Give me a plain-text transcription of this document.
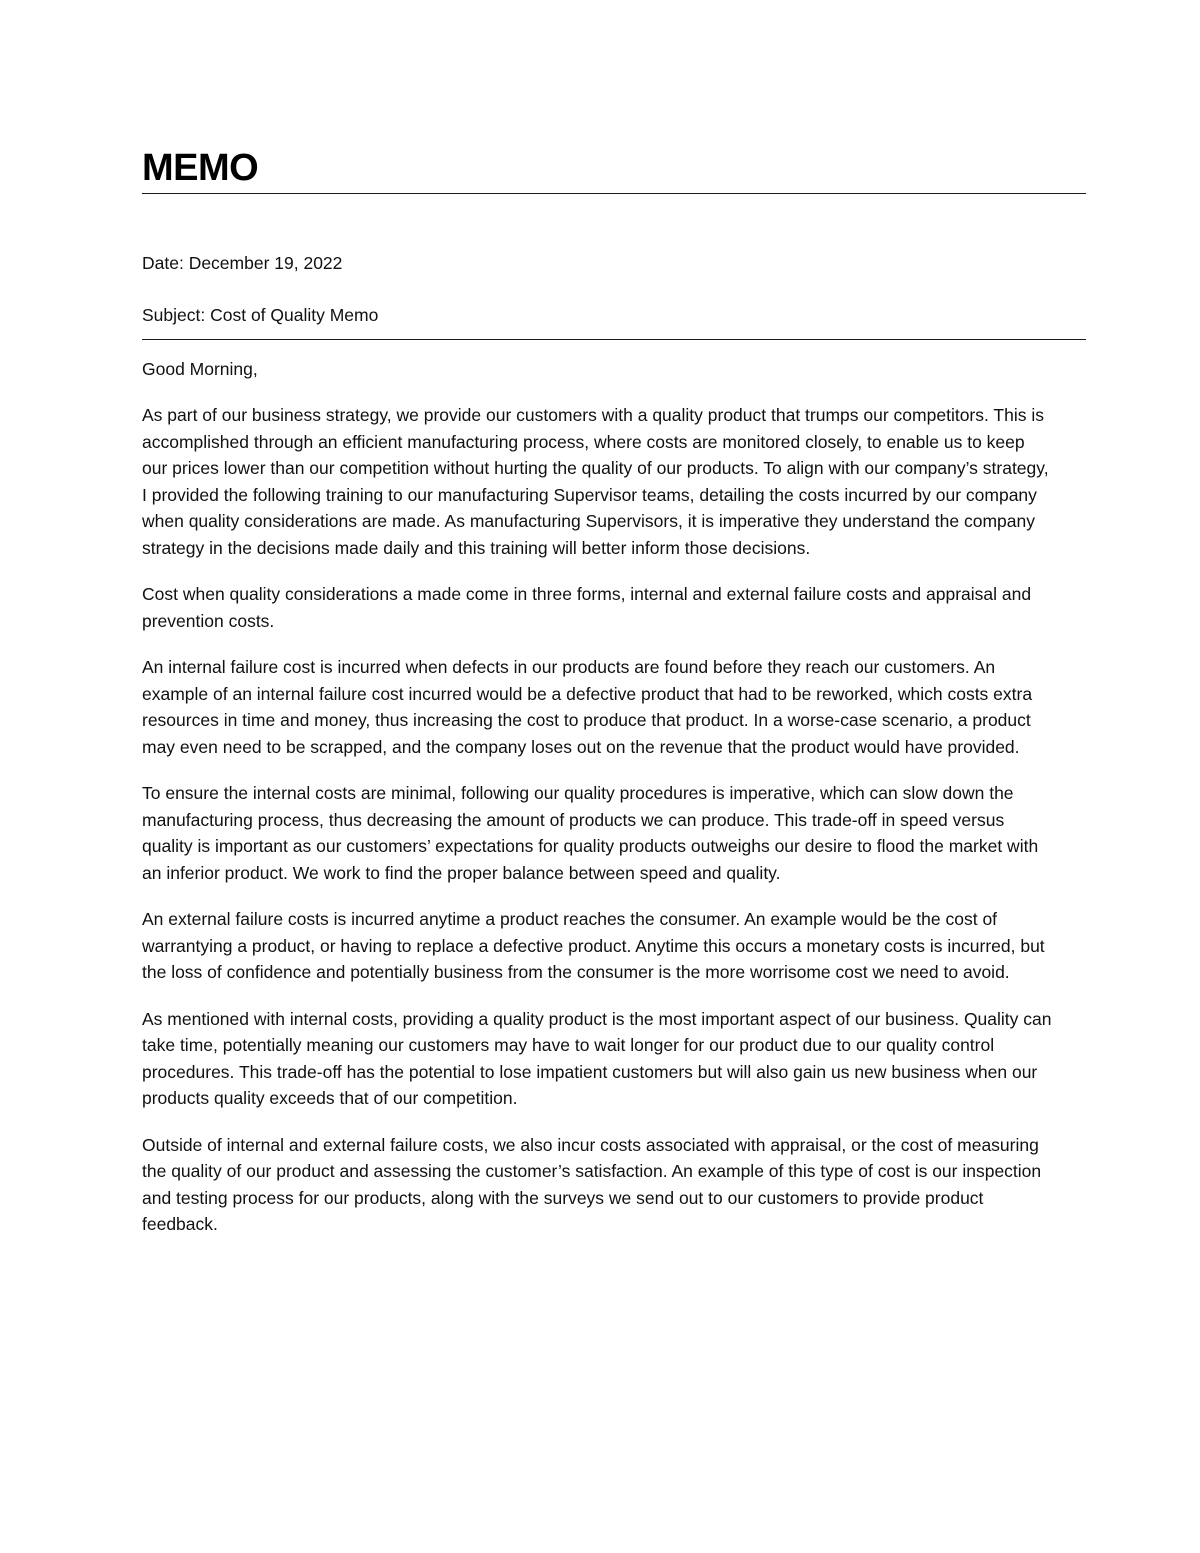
MEMO

Date: December 19, 2022

Subject: Cost of Quality Memo

Good Morning,

As part of our business strategy, we provide our customers with a quality product that trumps our competitors. This is accomplished through an efficient manufacturing process, where costs are monitored closely, to enable us to keep our prices lower than our competition without hurting the quality of our products. To align with our company’s strategy, I provided the following training to our manufacturing Supervisor teams, detailing the costs incurred by our company when quality considerations are made. As manufacturing Supervisors, it is imperative they understand the company strategy in the decisions made daily and this training will better inform those decisions.

Cost when quality considerations a made come in three forms, internal and external failure costs and appraisal and prevention costs.

An internal failure cost is incurred when defects in our products are found before they reach our customers. An example of an internal failure cost incurred would be a defective product that had to be reworked, which costs extra resources in time and money, thus increasing the cost to produce that product. In a worse-case scenario, a product may even need to be scrapped, and the company loses out on the revenue that the product would have provided.

To ensure the internal costs are minimal, following our quality procedures is imperative, which can slow down the manufacturing process, thus decreasing the amount of products we can produce. This trade-off in speed versus quality is important as our customers’ expectations for quality products outweighs our desire to flood the market with an inferior product. We work to find the proper balance between speed and quality.

An external failure costs is incurred anytime a product reaches the consumer. An example would be the cost of warrantying a product, or having to replace a defective product. Anytime this occurs a monetary costs is incurred, but the loss of confidence and potentially business from the consumer is the more worrisome cost we need to avoid.

As mentioned with internal costs, providing a quality product is the most important aspect of our business. Quality can take time, potentially meaning our customers may have to wait longer for our product due to our quality control procedures. This trade-off has the potential to lose impatient customers but will also gain us new business when our products quality exceeds that of our competition.

Outside of internal and external failure costs, we also incur costs associated with appraisal, or the cost of measuring the quality of our product and assessing the customer’s satisfaction. An example of this type of cost is our inspection and testing process for our products, along with the surveys we send out to our customers to provide product feedback.
